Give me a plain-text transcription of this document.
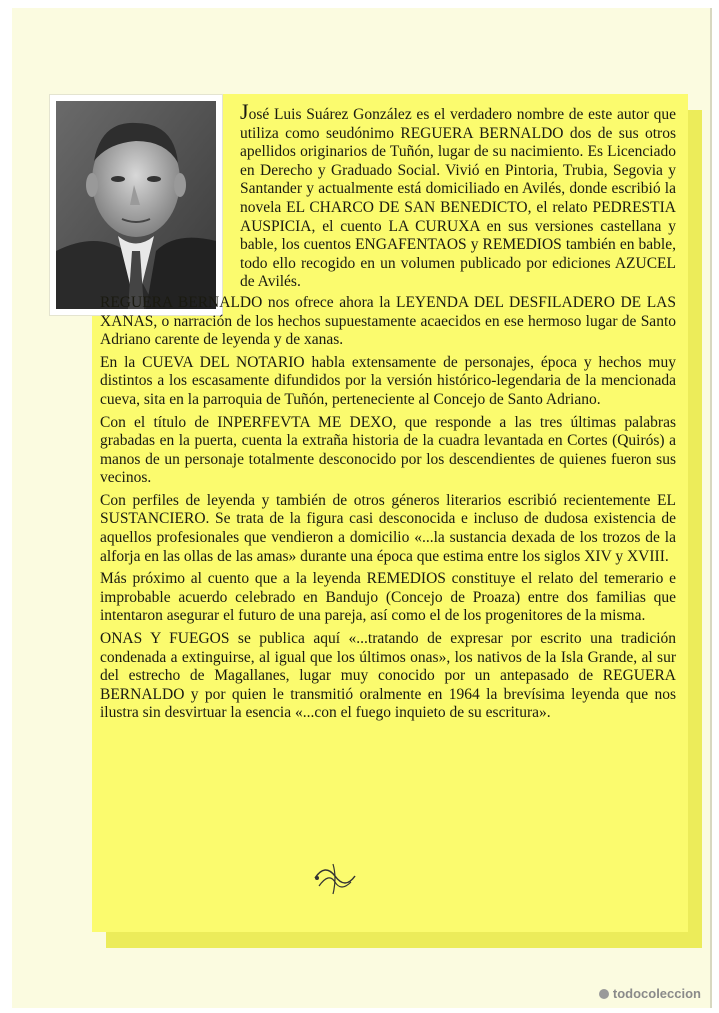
José Luis Suárez González es el verdadero nombre de este autor que utiliza como seudónimo REGUERA BERNALDO dos de sus otros apellidos originarios de Tuñón, lugar de su nacimiento. Es Licenciado en Derecho y Graduado Social. Vivió en Pintoria, Trubia, Segovia y Santander y actualmente está domiciliado en Avilés, donde escribió la novela EL CHARCO DE SAN BENEDICTO, el relato PEDRESTIA AUSPICIA, el cuento LA CURUXA en sus versiones castellana y bable, los cuentos ENGAFENTAOS y REMEDIOS también en bable, todo ello recogido en un volumen publicado por ediciones AZUCEL de Avilés.

REGUERA BERNALDO nos ofrece ahora la LEYENDA DEL DESFILADERO DE LAS XANAS, o narración de los hechos supuestamente acaecidos en ese hermoso lugar de Santo Adriano carente de leyenda y de xanas.

En la CUEVA DEL NOTARIO habla extensamente de personajes, época y hechos muy distintos a los escasamente difundidos por la versión histórico-legendaria de la mencionada cueva, sita en la parroquia de Tuñón, perteneciente al Concejo de Santo Adriano.

Con el título de INPERFEVTA ME DEXO, que responde a las tres últimas palabras grabadas en la puerta, cuenta la extraña historia de la cuadra levantada en Cortes (Quirós) a manos de un personaje totalmente desconocido por los descendientes de quienes fueron sus vecinos.

Con perfiles de leyenda y también de otros géneros literarios escribió recientemente EL SUSTANCIERO. Se trata de la figura casi desconocida e incluso de dudosa existencia de aquellos profesionales que vendieron a domicilio «...la sustancia dexada de los trozos de la alforja en las ollas de las amas» durante una época que estima entre los siglos XIV y XVIII.

Más próximo al cuento que a la leyenda REMEDIOS constituye el relato del temerario e improbable acuerdo celebrado en Bandujo (Concejo de Proaza) entre dos familias que intentaron asegurar el futuro de una pareja, así como el de los progenitores de la misma.

ONAS Y FUEGOS se publica aquí «...tratando de expresar por escrito una tradición condenada a extinguirse, al igual que los últimos onas», los nativos de la Isla Grande, al sur del estrecho de Magallanes, lugar muy conocido por un antepasado de REGUERA BERNALDO y por quien le transmitió oralmente en 1964 la brevísima leyenda que nos ilustra sin desvirtuar la esencia «...con el fuego inquieto de su escritura».

todocoleccion
